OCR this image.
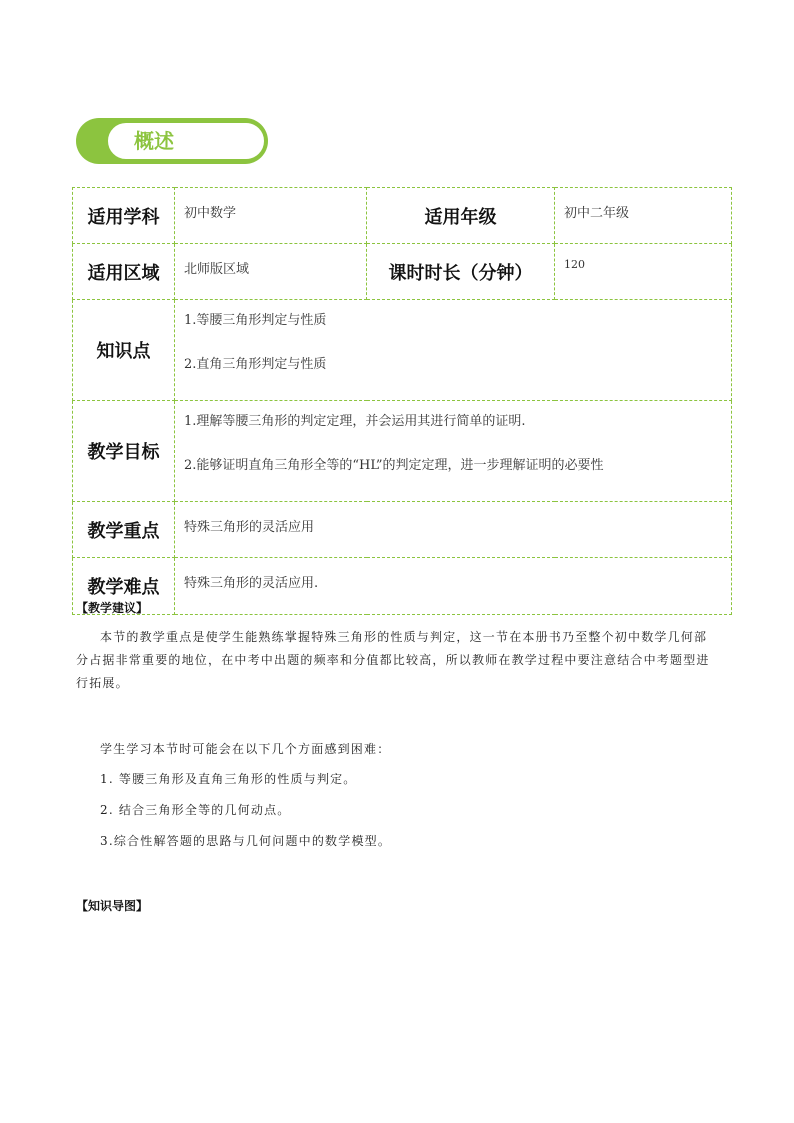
概述
适用学科	初中数学	适用年级	初中二年级
适用区域	北师版区域	课时时长（分钟）	120
知识点	1.等腰三角形判定与性质
2.直角三角形判定与性质		

教学目标	1.理解等腰三角形的判定定理，并会运用其进行简单的证明.
2.能够证明直角三角形全等的“HL”的判定定理，进一步理解证明的必要性		

教学重点	特殊三角形的灵活应用		
教学难点	特殊三角形的灵活应用.		
【教学建议】
本节的教学重点是使学生能熟练掌握特殊三角形的性质与判定，这一节在本册书乃至整个初中数学几何部分占据非常重要的地位，在中考中出题的频率和分值都比较高，所以教师在教学过程中要注意结合中考题型进行拓展。
学生学习本节时可能会在以下几个方面感到困难：
1. 等腰三角形及直角三角形的性质与判定。
2. 结合三角形全等的几何动点。
3.综合性解答题的思路与几何问题中的数学模型。
【知识导图】
